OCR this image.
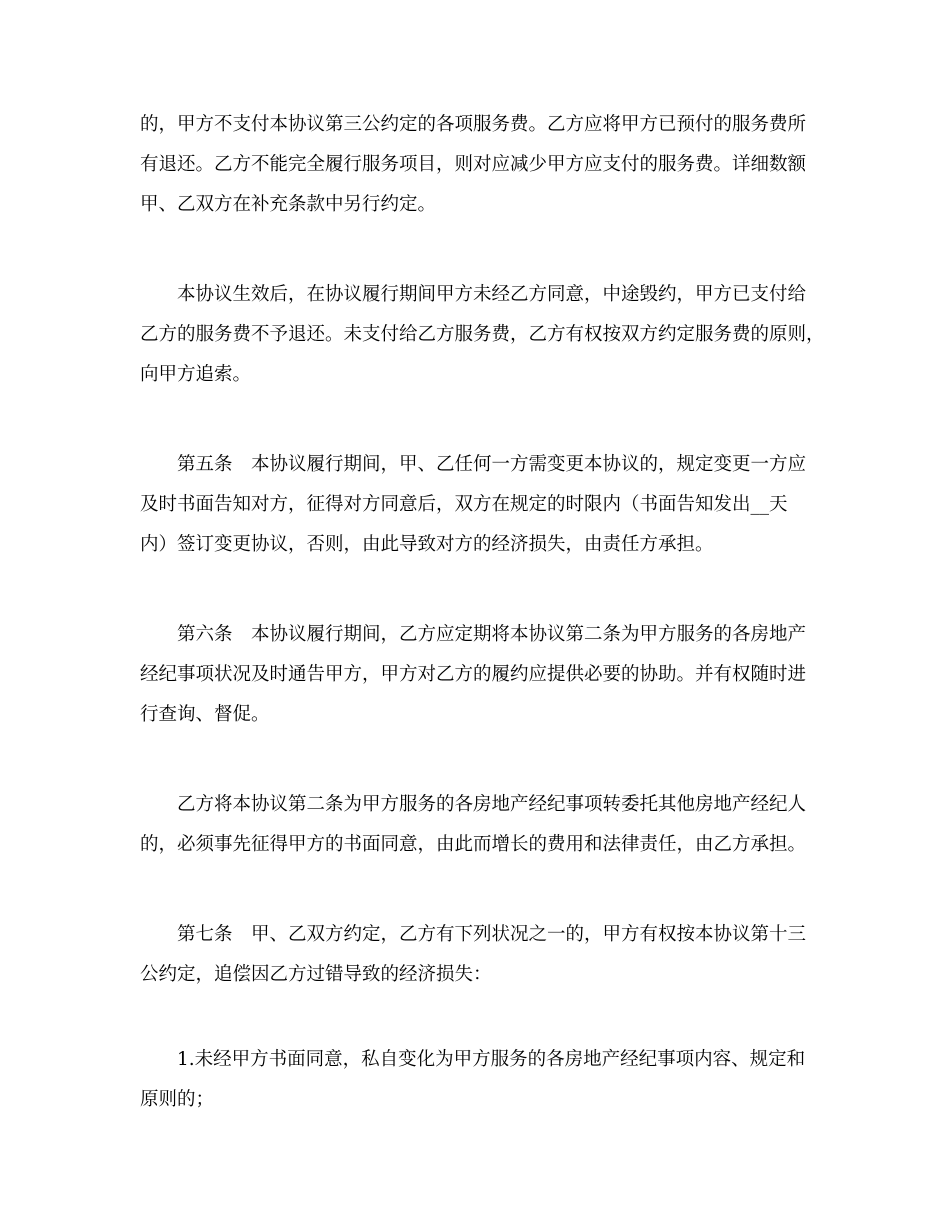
的，甲方不支付本协议第三公约定的各项服务费。乙方应将甲方已预付的服务费所
有退还。乙方不能完全履行服务项目，则对应减少甲方应支付的服务费。详细数额
甲、乙双方在补充条款中另行约定。
本协议生效后，在协议履行期间甲方未经乙方同意，中途毁约，甲方已支付给
乙方的服务费不予退还。未支付给乙方服务费，乙方有权按双方约定服务费的原则，
向甲方追索。
第五条　本协议履行期间，甲、乙任何一方需变更本协议的，规定变更一方应
及时书面告知对方，征得对方同意后，双方在规定的时限内（书面告知发出__天
内）签订变更协议，否则，由此导致对方的经济损失，由责任方承担。
第六条　本协议履行期间，乙方应定期将本协议第二条为甲方服务的各房地产
经纪事项状况及时通告甲方，甲方对乙方的履约应提供必要的协助。并有权随时进
行查询、督促。
乙方将本协议第二条为甲方服务的各房地产经纪事项转委托其他房地产经纪人
的，必须事先征得甲方的书面同意，由此而增长的费用和法律责任，由乙方承担。
第七条　甲、乙双方约定，乙方有下列状况之一的，甲方有权按本协议第十三
公约定，追偿因乙方过错导致的经济损失：
1.未经甲方书面同意，私自变化为甲方服务的各房地产经纪事项内容、规定和
原则的；
